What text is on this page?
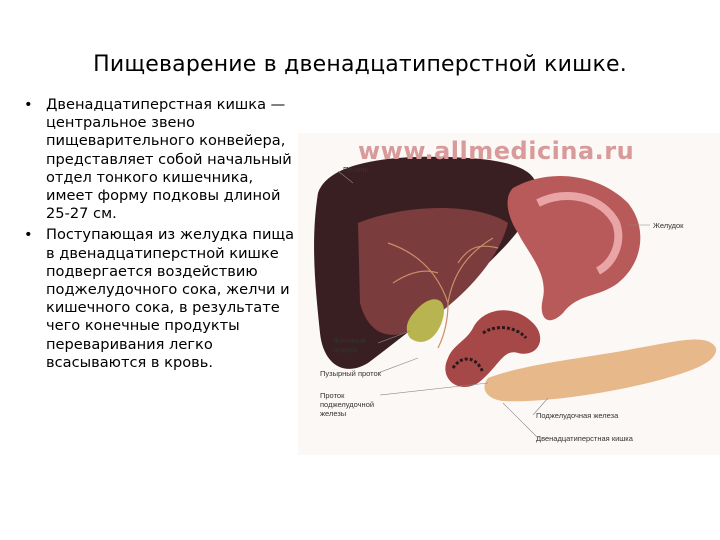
Пищеварение в двенадцатиперстной кишке.
• Двенадцатиперстная кишка — центральное звено пищеварительного конвейера, представляет собой начальный отдел тонкого кишечника, имеет форму подковы длиной 25-27 см.
• Поступающая из желудка пища в двенадцатиперстной кишке подвергается воздействию поджелудочного сока, желчи и кишечного сока, в результате чего конечные продукты переваривания легко всасываются в кровь.
www.allmedicina.ru
Печень
Желудок
Желчный пузырь
Пузырный проток
Проток поджелудочной железы	Поджелудочная железа
Двенадцатиперстная кишка
